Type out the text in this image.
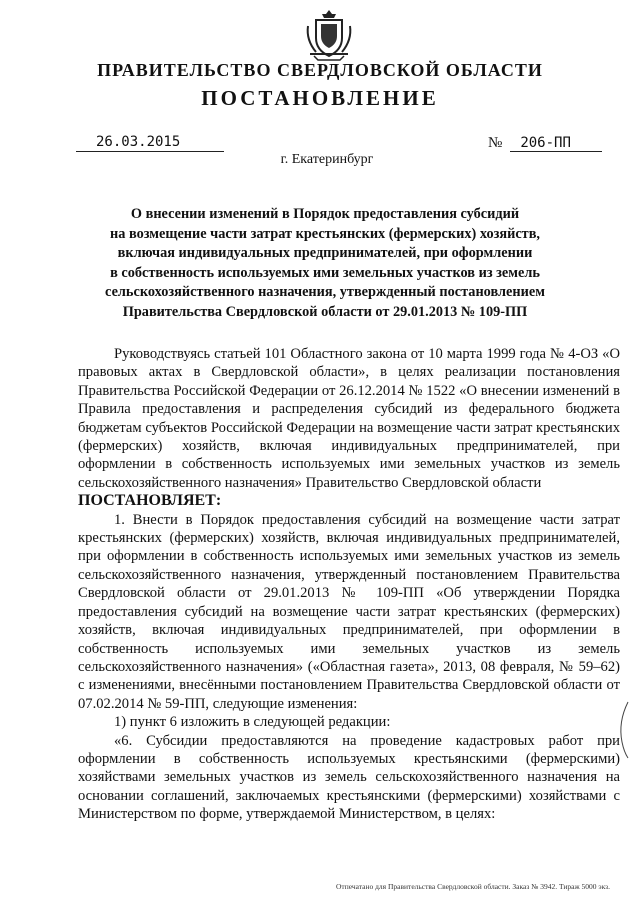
ПРАВИТЕЛЬСТВО СВЕРДЛОВСКОЙ ОБЛАСТИ
ПОСТАНОВЛЕНИЕ
26.03.2015	№ 206-ПП
г. Екатеринбург
О внесении изменений в Порядок предоставления субсидий
на возмещение части затрат крестьянских (фермерских) хозяйств,
включая индивидуальных предпринимателей, при оформлении
в собственность используемых ими земельных участков из земель
сельскохозяйственного назначения, утвержденный постановлением
Правительства Свердловской области от 29.01.2013 № 109-ПП

Руководствуясь статьей 101 Областного закона от 10 марта 1999 года № 4-ОЗ «О правовых актах в Свердловской области», в целях реализации постановления Правительства Российской Федерации от 26.12.2014 № 1522 «О внесении изменений в Правила предоставления и распределения субсидий из федерального бюджета бюджетам субъектов Российской Федерации на возмещение части затрат крестьянских (фермерских) хозяйств, включая индивидуальных предпринимателей, при оформлении в собственность используемых ими земельных участков из земель сельскохозяйственного назначения» Правительство Свердловской области

ПОСТАНОВЛЯЕТ:

1. Внести в Порядок предоставления субсидий на возмещение части затрат крестьянских (фермерских) хозяйств, включая индивидуальных предпринимателей, при оформлении в собственность используемых ими земельных участков из земель сельскохозяйственного назначения, утвержденный постановлением Правительства Свердловской области от 29.01.2013 № 109-ПП «Об утверждении Порядка предоставления субсидий на возмещение части затрат крестьянских (фермерских) хозяйств, включая индивидуальных предпринимателей, при оформлении в собственность используемых ими земельных участков из земель сельскохозяйственного назначения» («Областная газета», 2013, 08 февраля, № 59–62) с изменениями, внесёнными постановлением Правительства Свердловской области от 07.02.2014 № 59-ПП, следующие изменения:

1) пункт 6 изложить в следующей редакции:

«6. Субсидии предоставляются на проведение кадастровых работ при оформлении в собственность используемых крестьянскими (фермерскими) хозяйствами земельных участков из земель сельскохозяйственного назначения на основании соглашений, заключаемых крестьянскими (фермерскими) хозяйствами с Министерством по форме, утверждаемой Министерством, в целях:

Отпечатано для Правительства Свердловской области. Заказ № 3942. Тираж 5000 экз.
